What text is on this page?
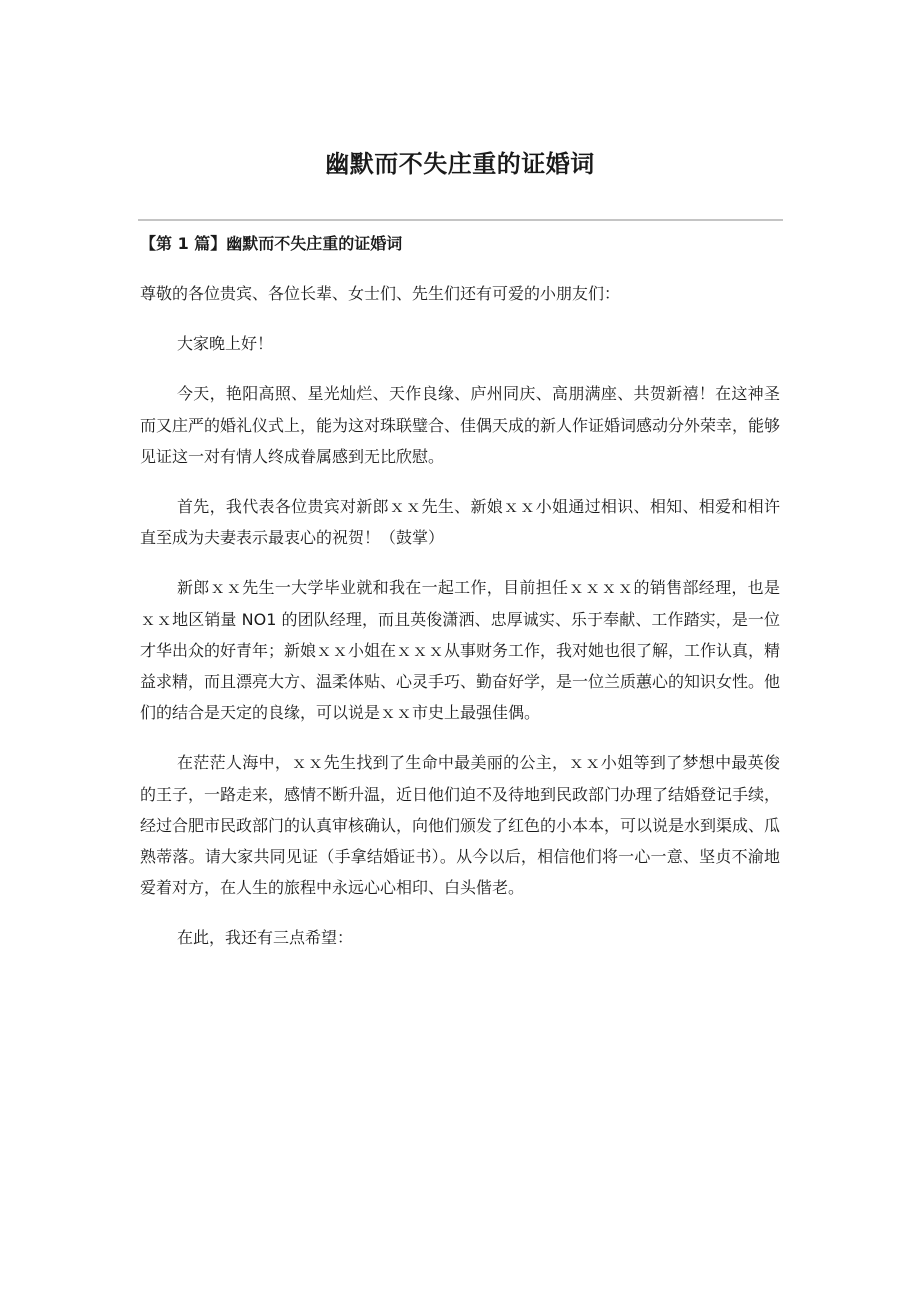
幽默而不失庄重的证婚词

【第 1 篇】幽默而不失庄重的证婚词

尊敬的各位贵宾、各位长辈、女士们、先生们还有可爱的小朋友们：

大家晚上好！

今天，艳阳高照、星光灿烂、天作良缘、庐州同庆、高朋满座、共贺新禧！在这神圣而又庄严的婚礼仪式上，能为这对珠联璧合、佳偶天成的新人作证婚词感动分外荣幸，能够见证这一对有情人终成眷属感到无比欣慰。

首先，我代表各位贵宾对新郎ｘｘ先生、新娘ｘｘ小姐通过相识、相知、相爱和相许直至成为夫妻表示最衷心的祝贺！（鼓掌）

新郎ｘｘ先生一大学毕业就和我在一起工作，目前担任ｘｘｘｘ的销售部经理，也是ｘｘ地区销量 NO1 的团队经理，而且英俊潇洒、忠厚诚实、乐于奉献、工作踏实，是一位才华出众的好青年；新娘ｘｘ小姐在ｘｘｘ从事财务工作，我对她也很了解，工作认真，精益求精，而且漂亮大方、温柔体贴、心灵手巧、勤奋好学，是一位兰质蕙心的知识女性。他们的结合是天定的良缘，可以说是ｘｘ市史上最强佳偶。

在茫茫人海中，ｘｘ先生找到了生命中最美丽的公主，ｘｘ小姐等到了梦想中最英俊的王子，一路走来，感情不断升温，近日他们迫不及待地到民政部门办理了结婚登记手续，经过合肥市民政部门的认真审核确认，向他们颁发了红色的小本本，可以说是水到渠成、瓜熟蒂落。请大家共同见证（手拿结婚证书）。从今以后，相信他们将一心一意、坚贞不渝地爱着对方，在人生的旅程中永远心心相印、白头偕老。

在此，我还有三点希望：
